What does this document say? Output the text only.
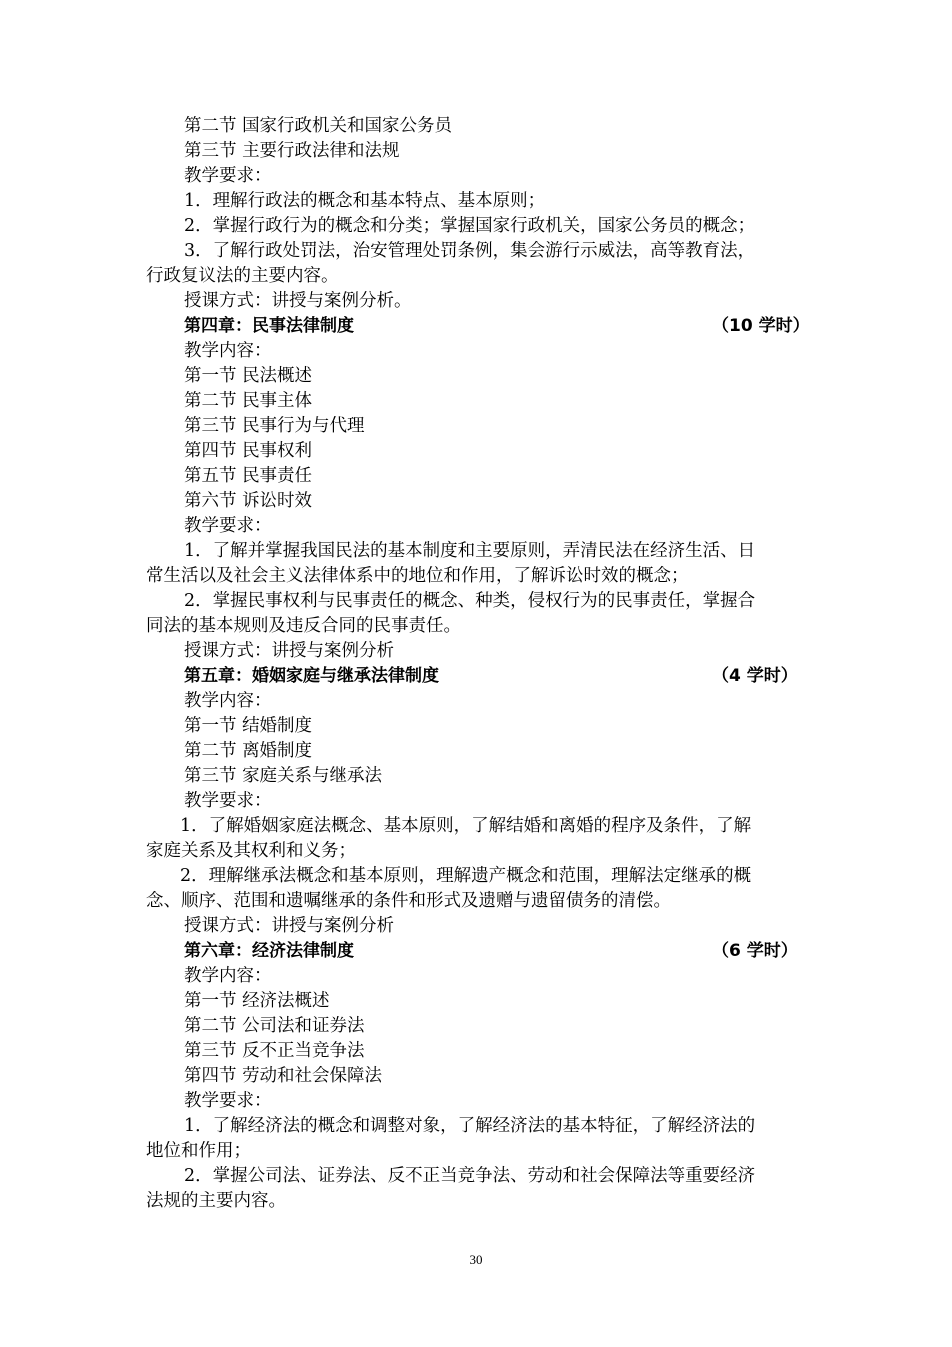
第二节 国家行政机关和国家公务员
第三节 主要行政法律和法规
教学要求：
1．理解行政法的概念和基本特点、基本原则；
2．掌握行政行为的概念和分类；掌握国家行政机关，国家公务员的概念；
3．了解行政处罚法，治安管理处罚条例，集会游行示威法，高等教育法，
行政复议法的主要内容。
授课方式：讲授与案例分析。
第四章：民事法律制度	（10 学时）
教学内容：
第一节 民法概述
第二节 民事主体
第三节 民事行为与代理
第四节 民事权利
第五节 民事责任
第六节 诉讼时效
教学要求：
1．了解并掌握我国民法的基本制度和主要原则，弄清民法在经济生活、日
常生活以及社会主义法律体系中的地位和作用，了解诉讼时效的概念；
2．掌握民事权利与民事责任的概念、种类，侵权行为的民事责任，掌握合
同法的基本规则及违反合同的民事责任。
授课方式：讲授与案例分析
第五章：婚姻家庭与继承法律制度	（4 学时）
教学内容：
第一节 结婚制度
第二节 离婚制度
第三节 家庭关系与继承法
教学要求：
1．了解婚姻家庭法概念、基本原则，了解结婚和离婚的程序及条件，了解
家庭关系及其权利和义务；
2．理解继承法概念和基本原则，理解遗产概念和范围，理解法定继承的概
念、顺序、范围和遗嘱继承的条件和形式及遗赠与遗留债务的清偿。
授课方式：讲授与案例分析
第六章：经济法律制度	（6 学时）
教学内容：
第一节 经济法概述
第二节 公司法和证券法
第三节 反不正当竞争法
第四节 劳动和社会保障法
教学要求：
1．了解经济法的概念和调整对象，了解经济法的基本特征，了解经济法的
地位和作用；
2．掌握公司法、证券法、反不正当竞争法、劳动和社会保障法等重要经济
法规的主要内容。
30
